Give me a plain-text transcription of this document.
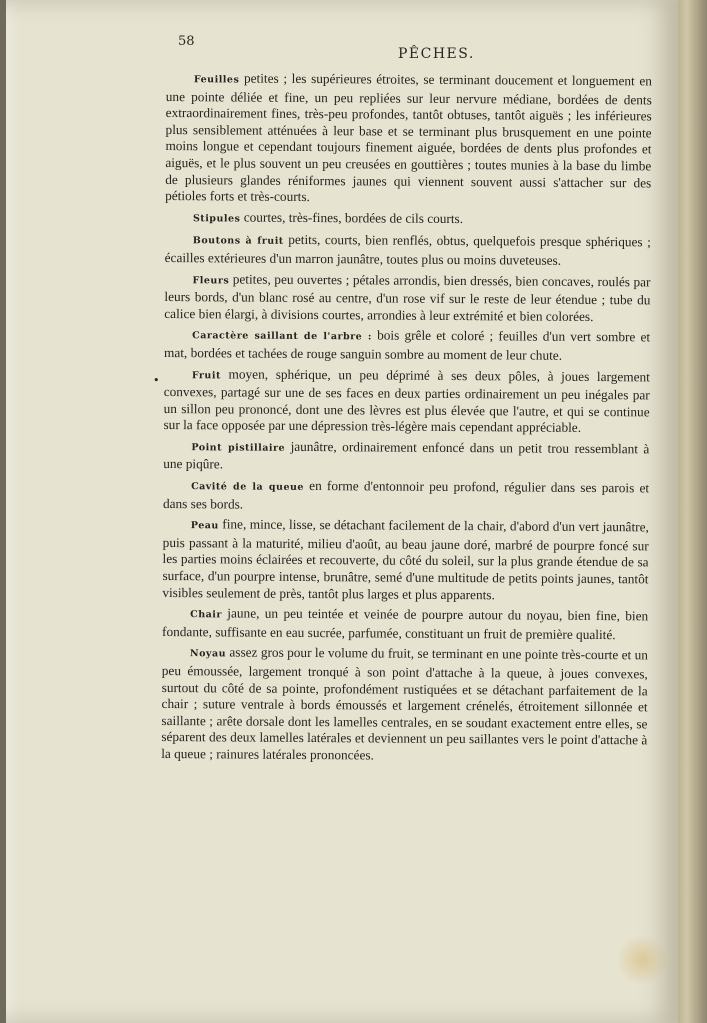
58
PÊCHES.

Feuilles petites ; les supérieures étroites, se terminant doucement et longuement en une pointe déliée et fine, un peu repliées sur leur nervure médiane, bordées de dents extraordinairement fines, très-peu profondes, tantôt obtuses, tantôt aiguës ; les inférieures plus sensiblement atténuées à leur base et se terminant plus brusquement en une pointe moins longue et cependant toujours finement aiguée, bordées de dents plus profondes et aiguës, et le plus souvent un peu creusées en gouttières ; toutes munies à la base du limbe de plusieurs glandes réniformes jaunes qui viennent souvent aussi s'attacher sur des pétioles forts et très-courts.

Stipules courtes, très-fines, bordées de cils courts.

Boutons à fruit petits, courts, bien renflés, obtus, quelquefois presque sphériques ; écailles extérieures d'un marron jaunâtre, toutes plus ou moins duveteuses.

Fleurs petites, peu ouvertes ; pétales arrondis, bien dressés, bien concaves, roulés par leurs bords, d'un blanc rosé au centre, d'un rose vif sur le reste de leur étendue ; tube du calice bien élargi, à divisions courtes, arrondies à leur extrémité et bien colorées.

Caractère saillant de l'arbre : bois grêle et coloré ; feuilles d'un vert sombre et mat, bordées et tachées de rouge sanguin sombre au moment de leur chute.

Fruit moyen, sphérique, un peu déprimé à ses deux pôles, à joues largement convexes, partagé sur une de ses faces en deux parties ordinairement un peu inégales par un sillon peu prononcé, dont une des lèvres est plus élevée que l'autre, et qui se continue sur la face opposée par une dépression très-légère mais cependant appréciable.

Point pistillaire jaunâtre, ordinairement enfoncé dans un petit trou ressemblant à une piqûre.

Cavité de la queue en forme d'entonnoir peu profond, régulier dans ses parois et dans ses bords.

Peau fine, mince, lisse, se détachant facilement de la chair, d'abord d'un vert jaunâtre, puis passant à la maturité, milieu d'août, au beau jaune doré, marbré de pourpre foncé sur les parties moins éclairées et recouverte, du côté du soleil, sur la plus grande étendue de sa surface, d'un pourpre intense, brunâtre, semé d'une multitude de petits points jaunes, tantôt visibles seulement de près, tantôt plus larges et plus apparents.

Chair jaune, un peu teintée et veinée de pourpre autour du noyau, bien fine, bien fondante, suffisante en eau sucrée, parfumée, constituant un fruit de première qualité.

Noyau assez gros pour le volume du fruit, se terminant en une pointe très-courte et un peu émoussée, largement tronqué à son point d'attache à la queue, à joues convexes, surtout du côté de sa pointe, profondément rustiquées et se détachant parfaitement de la chair ; suture ventrale à bords émoussés et largement crénelés, étroitement sillonnée et saillante ; arête dorsale dont les lamelles centrales, en se soudant exactement entre elles, se séparent des deux lamelles latérales et deviennent un peu saillantes vers le point d'attache à la queue ; rainures latérales prononcées.

•
